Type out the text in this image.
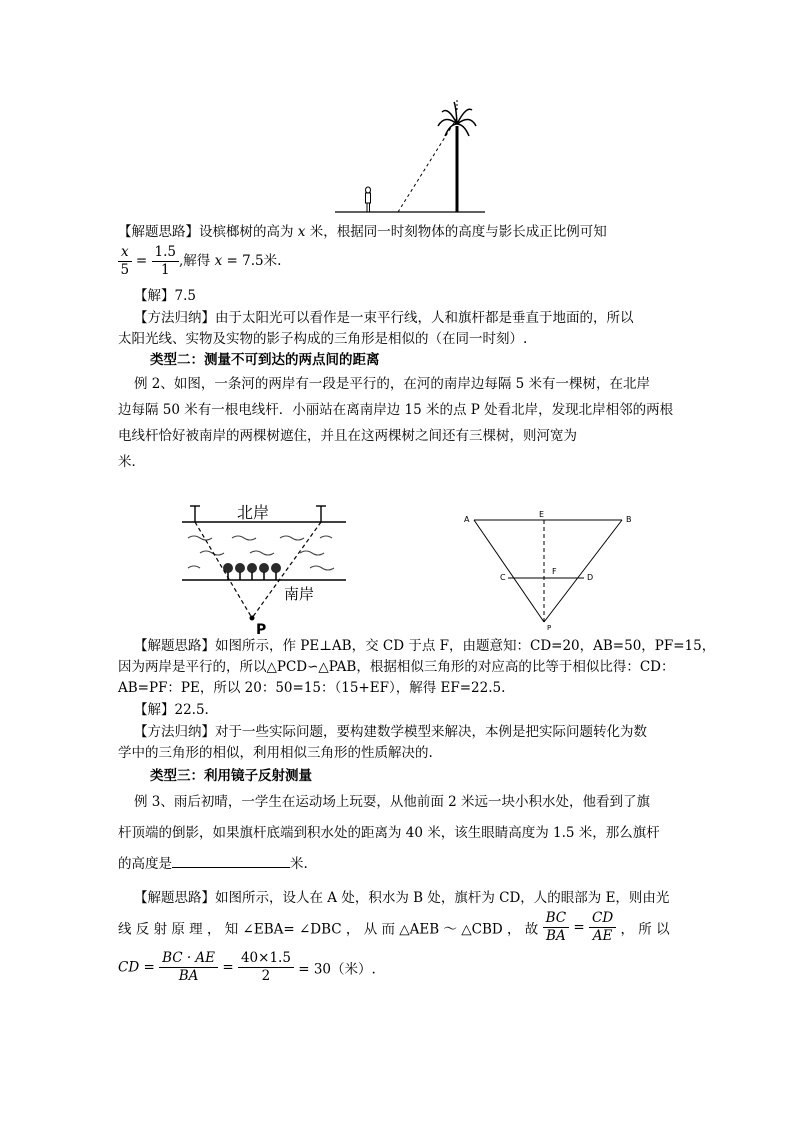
【解题思路】设槟榔树的高为 x 米，根据同一时刻物体的高度与影长成正比例可知
$\frac{x}{5} = \frac{1.5}{1}$ ,解得 x = 7.5米.
【解】7.5
【方法归纳】由于太阳光可以看作是一束平行线，人和旗杆都是垂直于地面的，所以
太阳光线、实物及实物的影子构成的三角形是相似的（在同一时刻）.
类型二：测量不可到达的两点间的距离
例 2、如图，一条河的两岸有一段是平行的，在河的南岸边每隔 5 米有一棵树，在北岸
边每隔 50 米有一根电线杆．小丽站在离南岸边 15 米的点 P 处看北岸，发现北岸相邻的两根
电线杆恰好被南岸的两棵树遮住，并且在这两棵树之间还有三棵树，则河宽为
米．
北岸
P
南岸
A
E
B
C
F
D
P
【解题思路】如图所示，作 PE⊥AB，交 CD 于点 F，由题意知：CD=20，AB=50，PF=15，
因为两岸是平行的，所以△PCD∽△PAB，根据相似三角形的对应高的比等于相似比得：CD：
AB=PF：PE，所以 20：50=15：（15+EF），解得 EF=22.5.
【解】22.5.
【方法归纳】对于一些实际问题，要构建数学模型来解决，本例是把实际问题转化为数
学中的三角形的相似，利用相似三角形的性质解决的.
类型三：利用镜子反射测量
例 3、雨后初晴，一学生在运动场上玩耍，从他前面 2 米远一块小积水处，他看到了旗
杆顶端的倒影，如果旗杆底端到积水处的距离为 40 米，该生眼睛高度为 1.5 米，那么旗杆
的高度是	米.
【解题思路】如图所示，设人在 A 处，积水为 B 处，旗杆为 CD，人的眼部为 E，则由光
线 反 射 原 理 ， 知 ∠EBA= ∠DBC ， 从 而 △AEB ～ △CBD ， 故 $\frac{BC}{BA} = \frac{CD}{AE}$ ， 所 以
CD = $\frac{BC \cdot AE}{BA} = \frac{40\times 1.5}{2} = 30$（米）.
